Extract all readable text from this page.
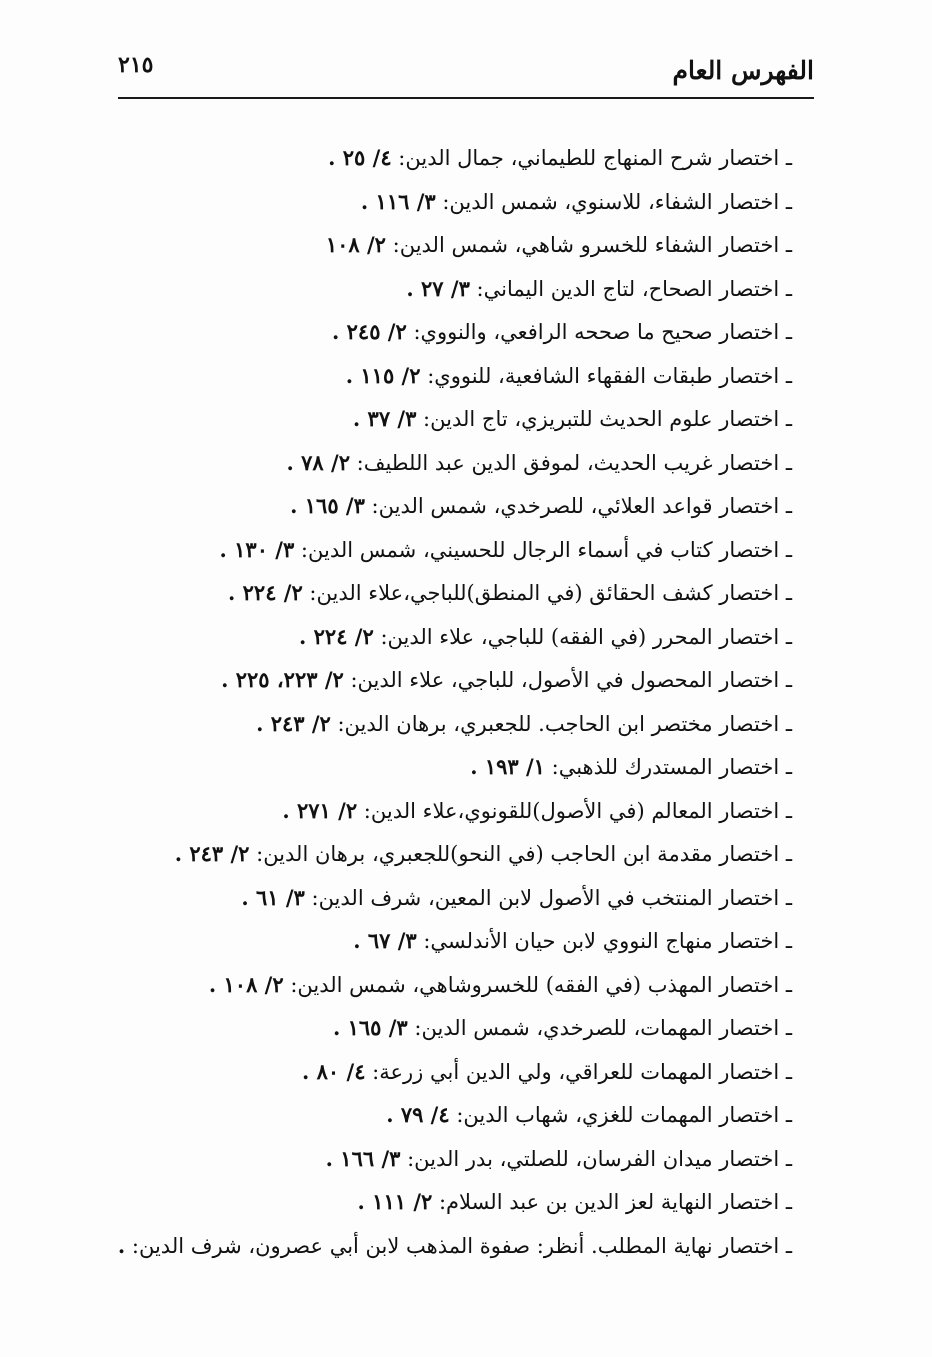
الفهرس العام
٢١٥
ـ اختصار شرح المنهاج للطيماني، جمال الدين: ٤/ ٢٥ .
ـ اختصار الشفاء، للاسنوي، شمس الدين: ٣/ ١١٦ .
ـ اختصار الشفاء للخسرو شاهي، شمس الدين: ٢/ ١٠٨
ـ اختصار الصحاح، لتاج الدين اليماني: ٣/ ٢٧ .
ـ اختصار صحيح ما صححه الرافعي، والنووي: ٢/ ٢٤٥ .
ـ اختصار طبقات الفقهاء الشافعية، للنووي: ٢/ ١١٥ .
ـ اختصار علوم الحديث للتبريزي، تاج الدين: ٣/ ٣٧ .
ـ اختصار غريب الحديث، لموفق الدين عبد اللطيف: ٢/ ٧٨ .
ـ اختصار قواعد العلائي، للصرخدي، شمس الدين: ٣/ ١٦٥ .
ـ اختصار كتاب في أسماء الرجال للحسيني، شمس الدين: ٣/ ١٣٠ .
ـ اختصار كشف الحقائق (في المنطق)للباجي،علاء الدين: ٢/ ٢٢٤ .
ـ اختصار المحرر (في الفقه) للباجي، علاء الدين: ٢/ ٢٢٤ .
ـ اختصار المحصول في الأصول، للباجي، علاء الدين: ٢/ ٢٢٣، ٢٢٥ .
ـ اختصار مختصر ابن الحاجب. للجعبري، برهان الدين: ٢/ ٢٤٣ .
ـ اختصار المستدرك للذهبي: ١/ ١٩٣ .
ـ اختصار المعالم (في الأصول)للقونوي،علاء الدين: ٢/ ٢٧١ .
ـ اختصار مقدمة ابن الحاجب (في النحو)للجعبري، برهان الدين: ٢/ ٢٤٣ .
ـ اختصار المنتخب في الأصول لابن المعين، شرف الدين: ٣/ ٦١ .
ـ اختصار منهاج النووي لابن حيان الأندلسي: ٣/ ٦٧ .
ـ اختصار المهذب (في الفقه) للخسروشاهي، شمس الدين: ٢/ ١٠٨ .
ـ اختصار المهمات، للصرخدي، شمس الدين: ٣/ ١٦٥ .
ـ اختصار المهمات للعراقي، ولي الدين أبي زرعة: ٤/ ٨٠ .
ـ اختصار المهمات للغزي، شهاب الدين: ٤/ ٧٩ .
ـ اختصار ميدان الفرسان، للصلتي، بدر الدين: ٣/ ١٦٦ .
ـ اختصار النهاية لعز الدين بن عبد السلام: ٢/ ١١١ .
ـ اختصار نهاية المطلب. أنظر: صفوة المذهب لابن أبي عصرون، شرف الدين: .
